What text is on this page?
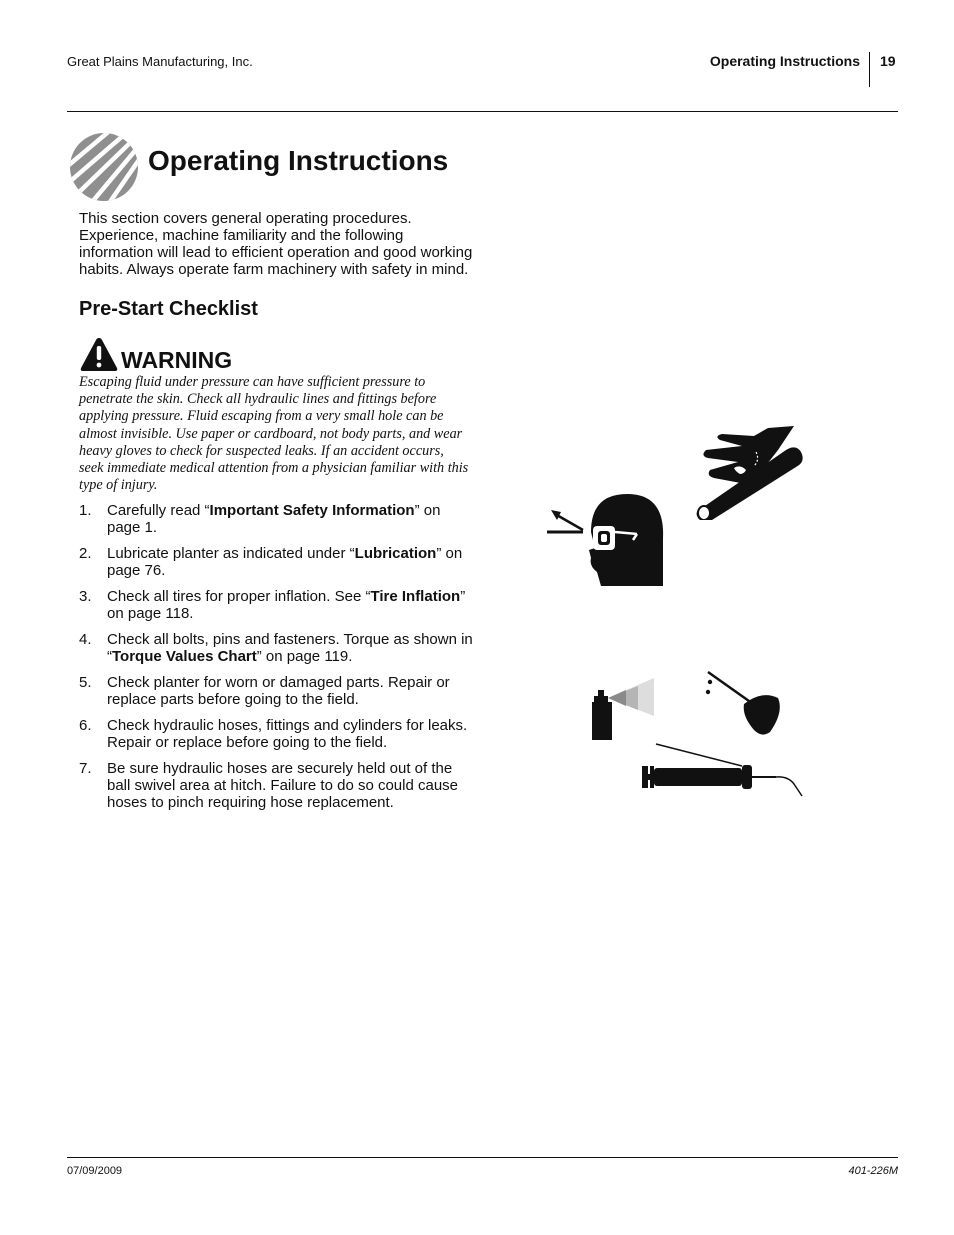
Great Plains Manufacturing, Inc.	Operating Instructions 19
Operating Instructions

This section covers general operating procedures. Experience, machine familiarity and the following information will lead to efficient operation and good working habits. Always operate farm machinery with safety in mind.

Pre-Start Checklist
WARNING

Escaping fluid under pressure can have sufficient pressure to penetrate the skin. Check all hydraulic lines and fittings before applying pressure. Fluid escaping from a very small hole can be almost invisible. Use paper or cardboard, not body parts, and wear heavy gloves to check for suspected leaks. If an accident occurs, seek immediate medical attention from a physician familiar with this type of injury.

1. Carefully read “Important Safety Information” on page 1.
2. Lubricate planter as indicated under “Lubrication” on page 76.
3. Check all tires for proper inflation. See “Tire Inflation” on page 118.
4. Check all bolts, pins and fasteners. Torque as shown in “Torque Values Chart” on page 119.
5. Check planter for worn or damaged parts. Repair or replace parts before going to the field.
6. Check hydraulic hoses, fittings and cylinders for leaks. Repair or replace before going to the field.
7. Be sure hydraulic hoses are securely held out of the ball swivel area at hitch. Failure to do so could cause hoses to pinch requiring hose replacement.
07/09/2009	401-226M
